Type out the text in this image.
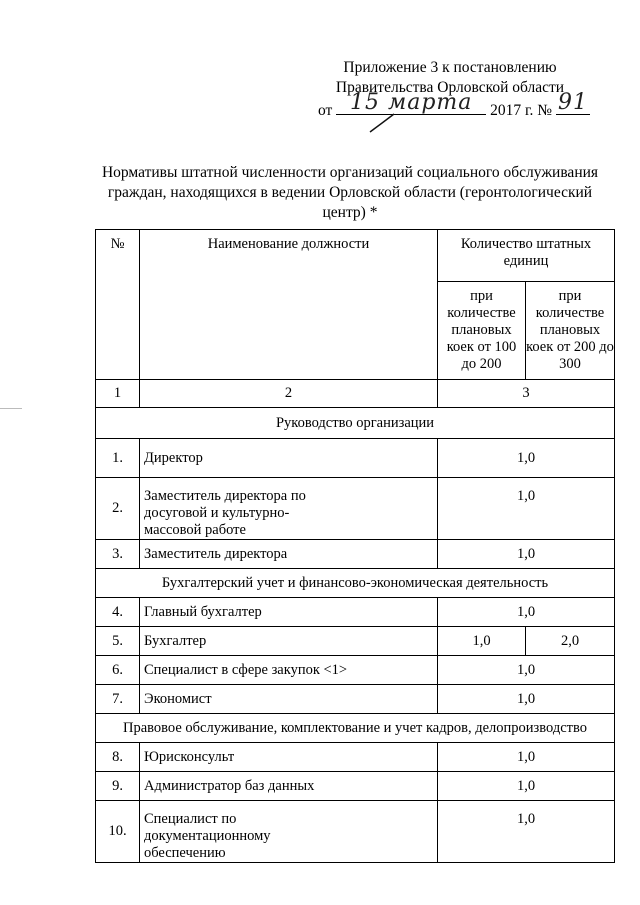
Приложение 3 к постановлению
Правительства Орловской области
от 15 марта	2017 г. № 91
Нормативы штатной численности организаций социального обслуживания
граждан, находящихся в ведении Орловской области (геронтологический
центр) *
№	Наименование должности	Количество штатных единиц	
		при количестве плановых коек от 100 до 200	при количестве плановых коек от 200 до 300
1	2	3	
Руководство организации			
1.	Директор	1,0	
2.	Заместитель директора по досуговой и культурно-массовой работе	1,0	
3.	Заместитель директора	1,0	
Бухгалтерский учет и финансово-экономическая деятельность			
4.	Главный бухгалтер	1,0	
5.	Бухгалтер	1,0	2,0
6.	Специалист в сфере закупок <1>	1,0	
7.	Экономист	1,0	
Правовое обслуживание, комплектование и учет кадров, делопроизводство			
8.	Юрисконсульт	1,0	
9.	Администратор баз данных	1,0	
10.	Специалист по документационному обеспечению	1,0	
